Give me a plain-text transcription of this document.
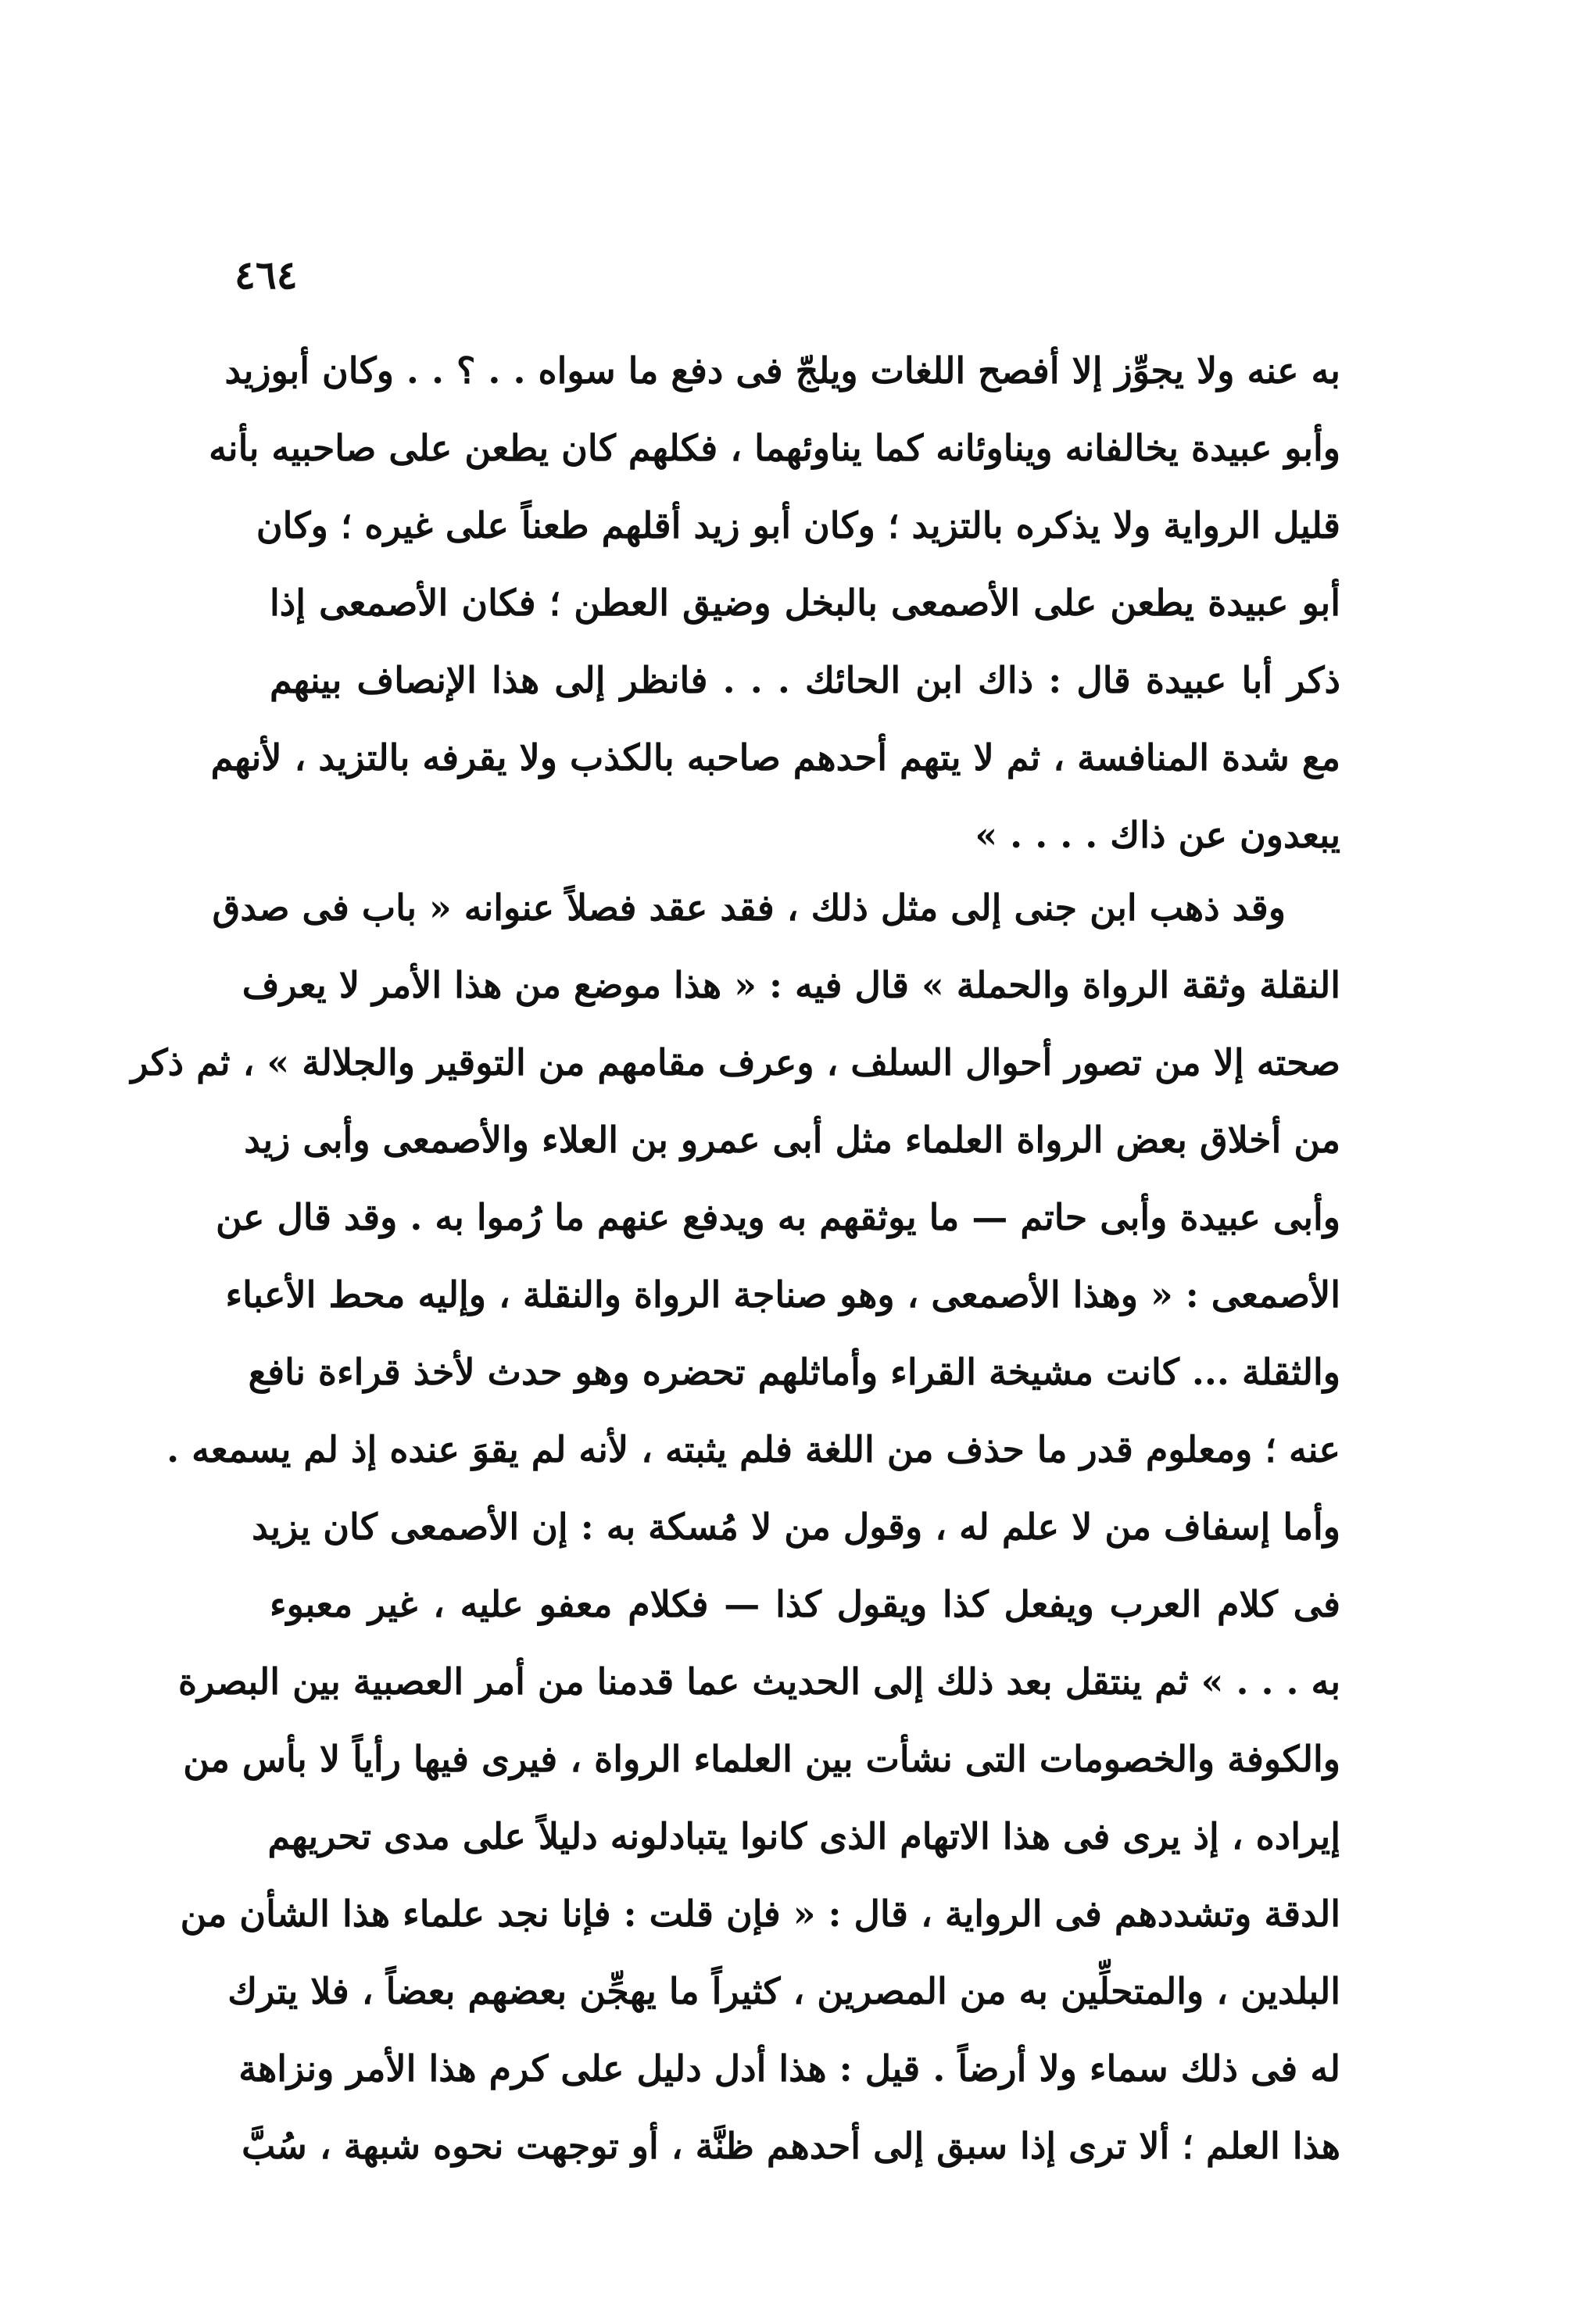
٤٦٤
به عنه ولا يجوِّز إلا أفصح اللغات ويلجّ فى دفع ما سواه . . ؟ . . وكان أبوزيد
وأبو عبيدة يخالفانه ويناوئانه كما يناوئهما ، فكلهم كان يطعن على صاحبيه بأنه
قليل الرواية ولا يذكره بالتزيد ؛ وكان أبو زيد أقلهم طعناً على غيره ؛ وكان
أبو عبيدة يطعن على الأصمعى بالبخل وضيق العطن ؛ فكان الأصمعى إذا
ذكر أبا عبيدة قال : ذاك ابن الحائك . . . فانظر إلى هذا الإنصاف بينهم
مع شدة المنافسة ، ثم لا يتهم أحدهم صاحبه بالكذب ولا يقرفه بالتزيد ، لأنهم
يبعدون عن ذاك . . . . »
وقد ذهب ابن جنى إلى مثل ذلك ، فقد عقد فصلاً عنوانه « باب فى صدق
النقلة وثقة الرواة والحملة » قال فيه : « هذا موضع من هذا الأمر لا يعرف
صحته إلا من تصور أحوال السلف ، وعرف مقامهم من التوقير والجلالة » ، ثم ذكر
من أخلاق بعض الرواة العلماء مثل أبى عمرو بن العلاء والأصمعى وأبى زيد
وأبى عبيدة وأبى حاتم — ما يوثقهم به ويدفع عنهم ما رُموا به . وقد قال عن
الأصمعى : « وهذا الأصمعى ، وهو صناجة الرواة والنقلة ، وإليه محط الأعباء
والثقلة ... كانت مشيخة القراء وأماثلهم تحضره وهو حدث لأخذ قراءة نافع
عنه ؛ ومعلوم قدر ما حذف من اللغة فلم يثبته ، لأنه لم يقوَ عنده إذ لم يسمعه .
وأما إسفاف من لا علم له ، وقول من لا مُسكة به : إن الأصمعى كان يزيد
فى كلام العرب ويفعل كذا ويقول كذا — فكلام معفو عليه ، غير معبوء
به . . . » ثم ينتقل بعد ذلك إلى الحديث عما قدمنا من أمر العصبية بين البصرة
والكوفة والخصومات التى نشأت بين العلماء الرواة ، فيرى فيها رأياً لا بأس من
إيراده ، إذ يرى فى هذا الاتهام الذى كانوا يتبادلونه دليلاً على مدى تحريهم
الدقة وتشددهم فى الرواية ، قال : « فإن قلت : فإنا نجد علماء هذا الشأن من
البلدين ، والمتحلِّين به من المصرين ، كثيراً ما يهجِّن بعضهم بعضاً ، فلا يترك
له فى ذلك سماء ولا أرضاً . قيل : هذا أدل دليل على كرم هذا الأمر ونزاهة
هذا العلم ؛ ألا ترى إذا سبق إلى أحدهم ظنَّة ، أو توجهت نحوه شبهة ، سُبَّ
